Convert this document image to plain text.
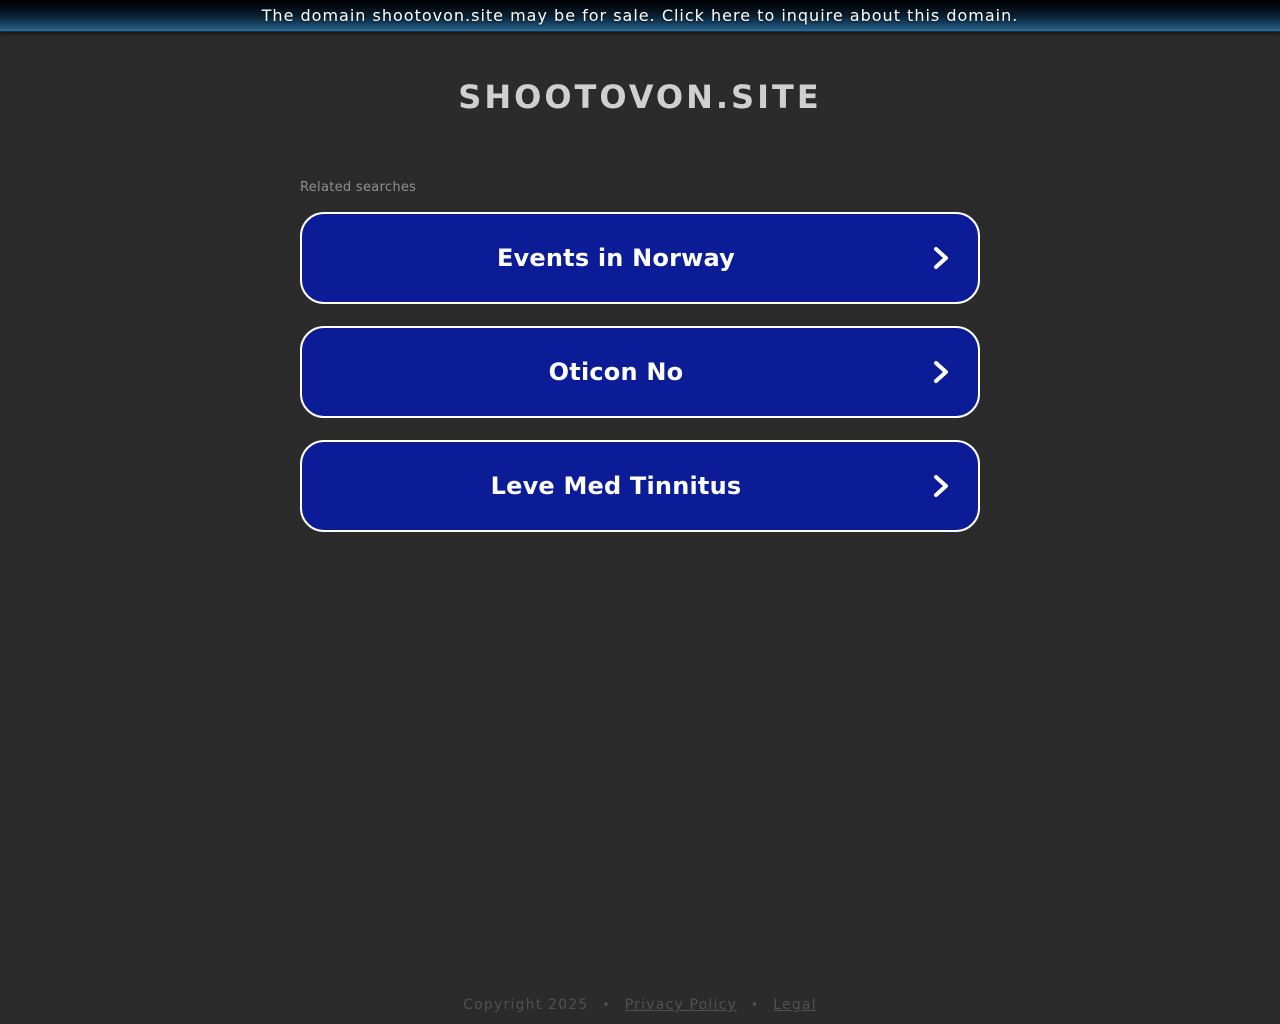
The domain shootovon.site may be for sale. Click here to inquire about this domain.
SHOOTOVON.SITE
Related searches
Events in Norway
Oticon No
Leve Med Tinnitus
Copyright 2025 • Privacy Policy • Legal
